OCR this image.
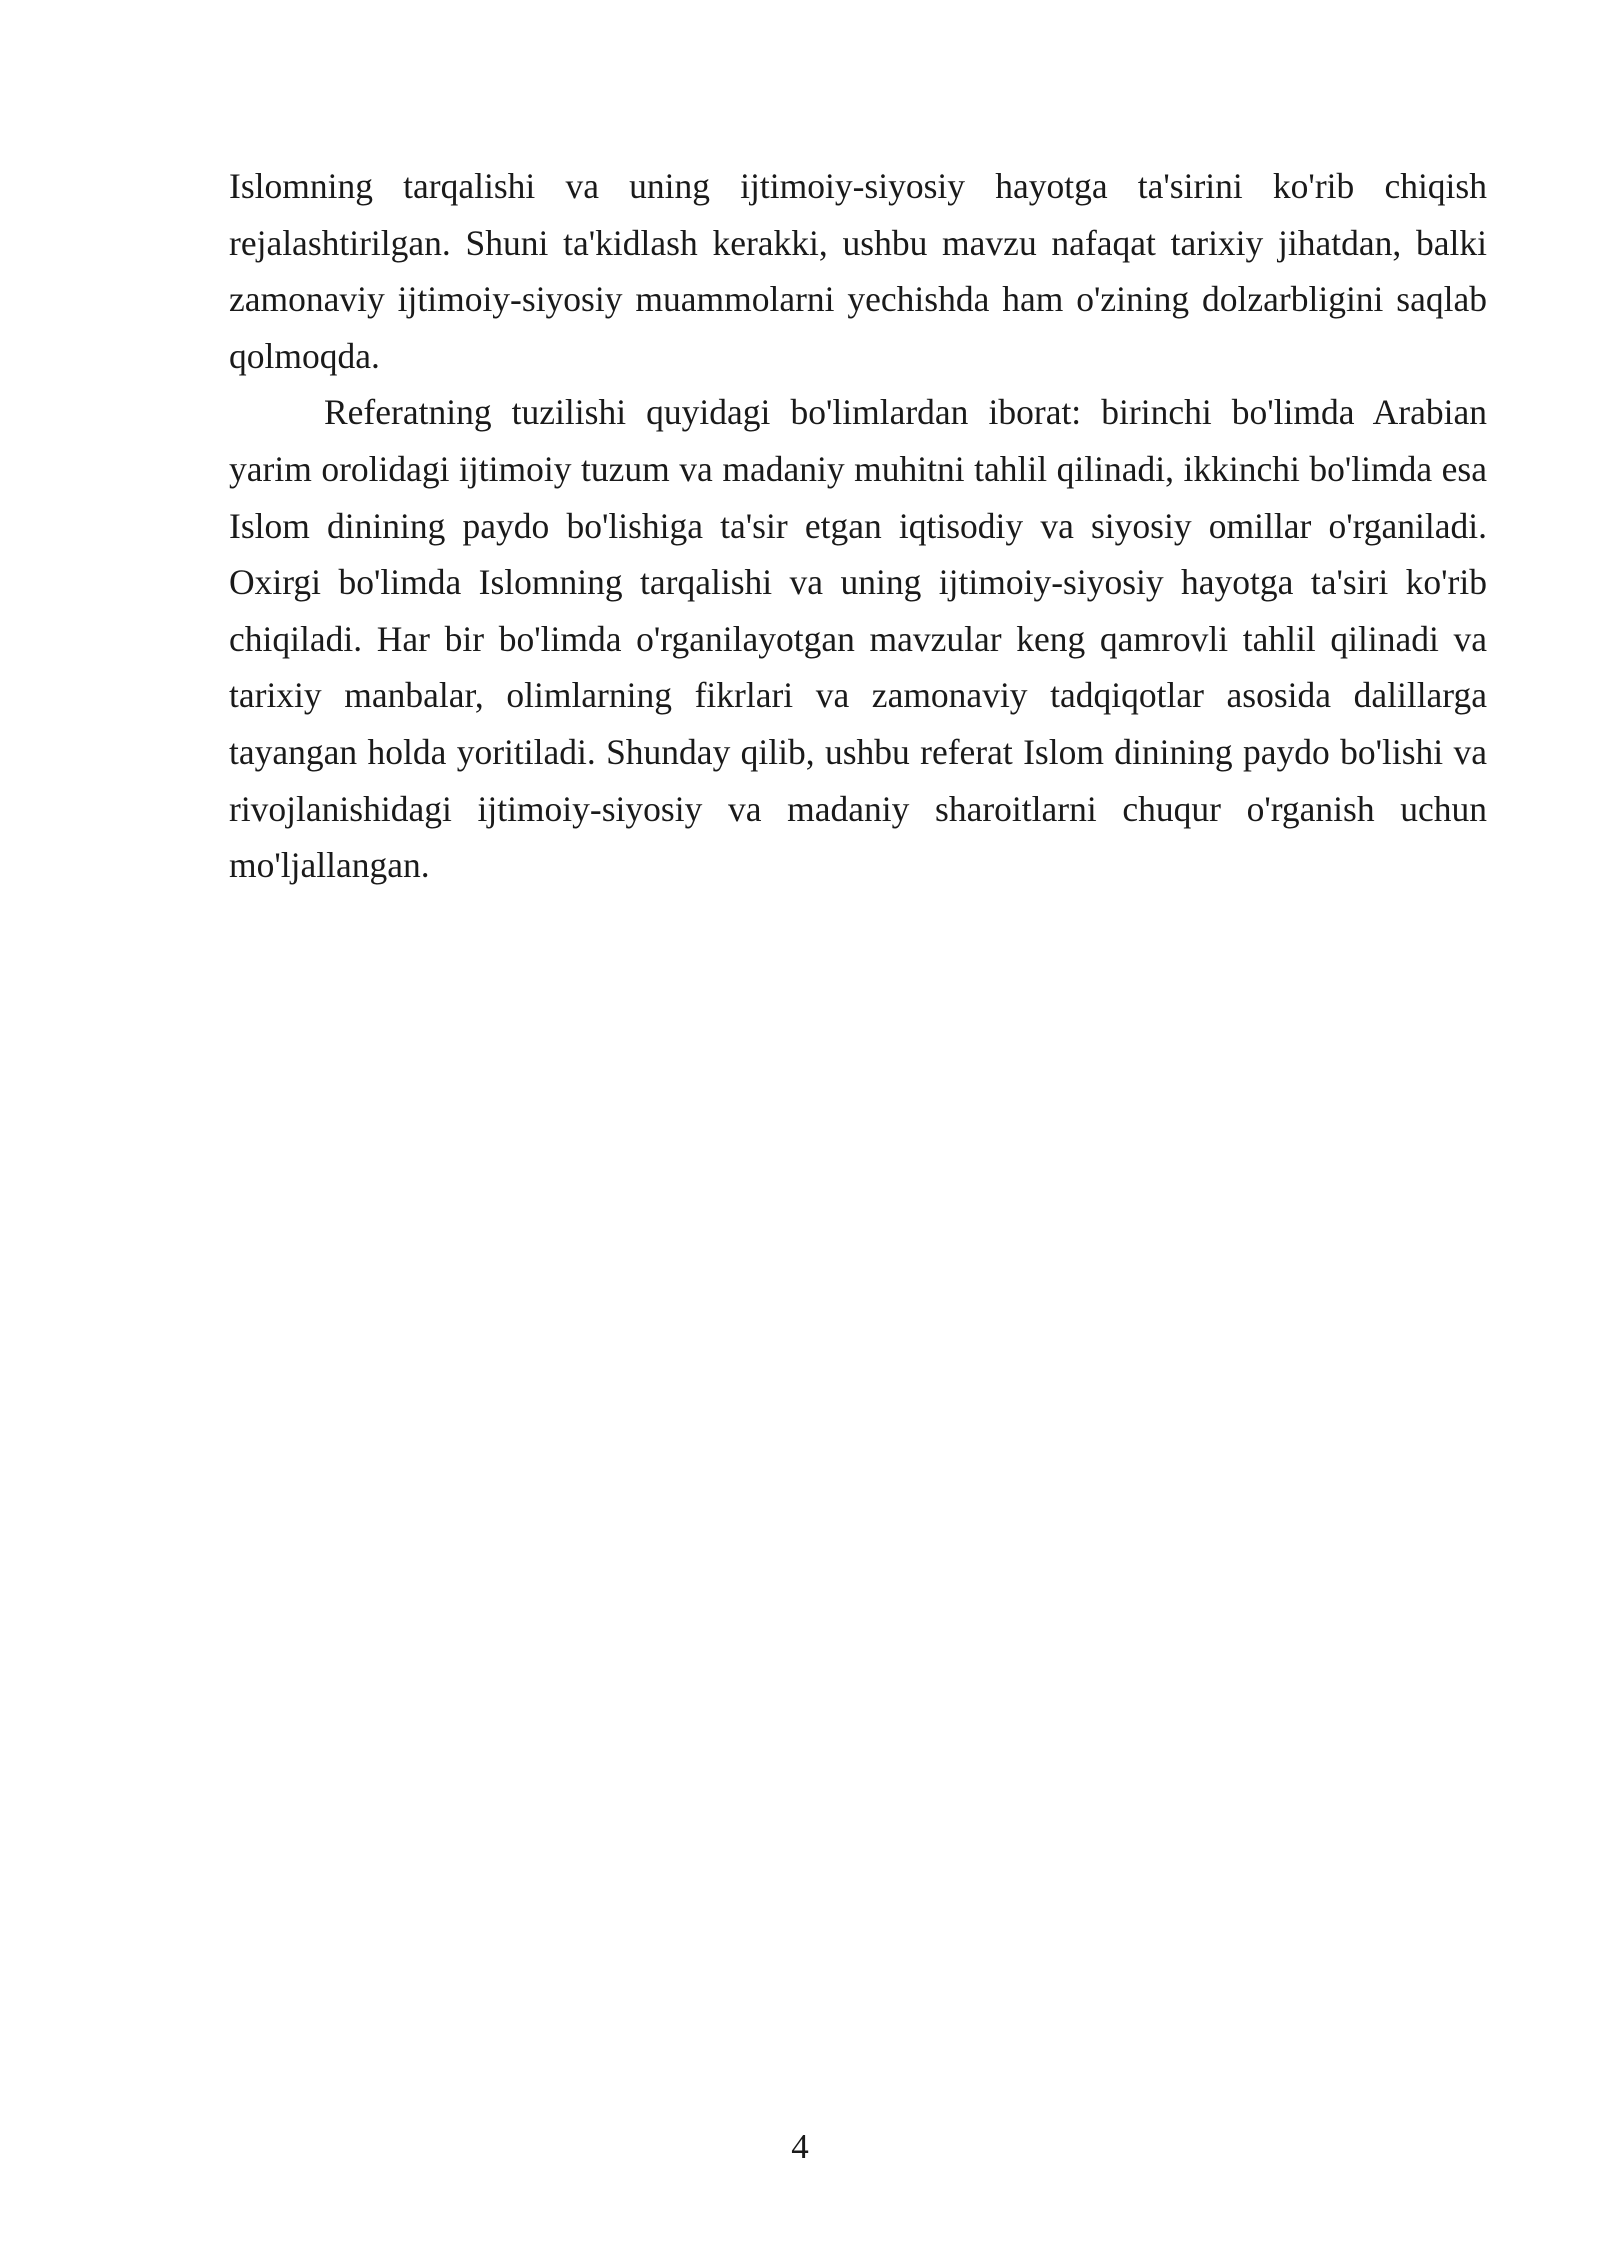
Islomning tarqalishi va uning ijtimoiy-siyosiy hayotga ta'sirini ko'rib chiqish rejalashtirilgan. Shuni ta'kidlash kerakki, ushbu mavzu nafaqat tarixiy jihatdan, balki zamonaviy ijtimoiy-siyosiy muammolarni yechishda ham o'zining dolzarbligini saqlab qolmoqda.

Referatning tuzilishi quyidagi bo'limlardan iborat: birinchi bo'limda Arabian yarim orolidagi ijtimoiy tuzum va madaniy muhitni tahlil qilinadi, ikkinchi bo'limda esa Islom dinining paydo bo'lishiga ta'sir etgan iqtisodiy va siyosiy omillar o'rganiladi. Oxirgi bo'limda Islomning tarqalishi va uning ijtimoiy-siyosiy hayotga ta'siri ko'rib chiqiladi. Har bir bo'limda o'rganilayotgan mavzular keng qamrovli tahlil qilinadi va tarixiy manbalar, olimlarning fikrlari va zamonaviy tadqiqotlar asosida dalillarga tayangan holda yoritiladi. Shunday qilib, ushbu referat Islom dinining paydo bo'lishi va rivojlanishidagi ijtimoiy-siyosiy va madaniy sharoitlarni chuqur o'rganish uchun mo'ljallangan.

4
